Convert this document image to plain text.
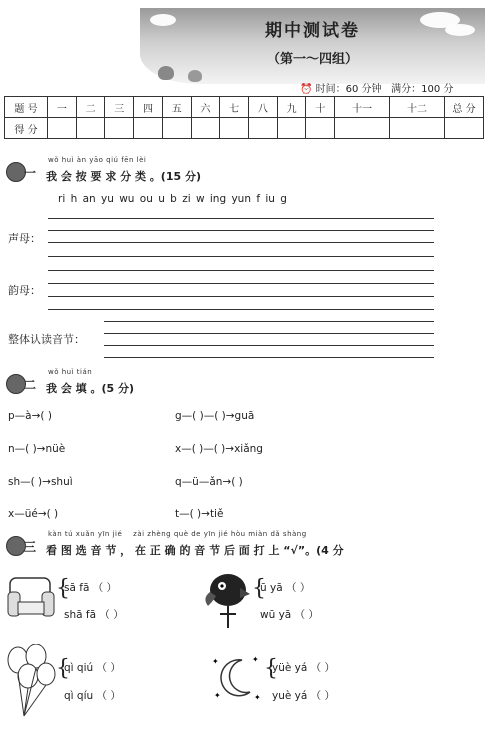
期中测试卷
（第一～四组）
⏰ 时间：60 分钟 满分：100 分
题 号	一	二	三	四	五	六	七	八	九	十	十一	十二	总 分
得 分													
一
wǒ huì àn yāo qiú fēn lèi
我 会 按 要 求 分 类 。(15 分)
ri h an yu wu ou u b zi w ing yun f iu g
声母：
韵母：
整体认读音节：
二
wǒ huì tián
我 会 填 。(5 分)
p—à→( )	g—( )—( )→guā
n—( )→nüè	x—( )—( )→xiǎng
sh—( )→shuì	q—ü—ǎn→( )
x—üé→( )	t—( )→tiě
三
kàn tú xuǎn yīn jié    zài zhèng què de yīn jié hòu miàn dǎ shàng
看 图 选 音 节 ， 在 正 确 的 音 节 后 面 打 上 “√”。(4 分
{
sā fā （ ）
shā fā （ ）
{
ū yā （ ）
wū yā （ ）
{
qì qiú （ ）
qì qíu （ ）
✦	✦
✦
✦
{
yüè yá （ ）
yuè yá （ ）
